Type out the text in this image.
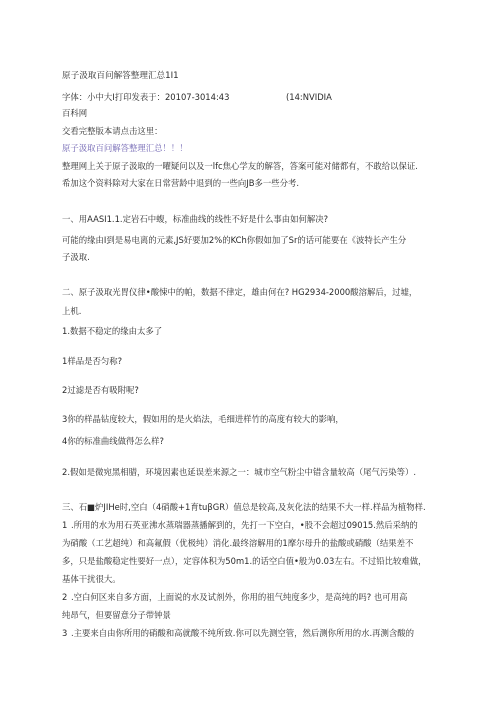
原子汲取百问解答整理汇总1I1
字体：小中大I打印发表于：20107-3014:43	(14:NVIDIA
百科网
交看完整版本请点击这里：
原子汲取百问解答整理汇总！！！
整理网上关于原子汲取的一曜疑问以及一lfc焦心学友的解答，答案可能对储都有，不敢给以保证.
希加这个资料除对大家在日常营龄中退到的一些向JB多一些分考.
一、用AASI1.1.定岩石中蝮，标准曲线的线性不好是什么事由如何解决?
可能的缘由I到是易电离的元素,JS好要加2%的KCh你假如加了Sr的话可能要在《波特长产生分
子汲取.
二、原子汲取光胃仪律•酸悚中的帕，数据不律定，雄由何在? HG2934-2000酸溶解后，过墟，
上机.
1.数据不稳定的缘由太多了
1样品是否匀称?
2过滤是否有吸附呢?
3你的样晶钻度较大，假如用的是火焰法，毛细进样竹的高度有较大的影响，
4你的标准曲线做得怎么样?
2.假如是微宛黑相腊，环境因素也延误差来源之一：城市空气粉尘中错含量较高（尾气污染等）.
三、石■炉JIHe时,空白（4硝酸+1育tuβGR）值总是较高,及灰化法的结果不大一样.样品为植物样.
1 .所用的水为用石英亚沸水蒸瑞器蒸播解到的，先打一下空白，•股不会超过09015.然后采纳的
为硝酸（工艺超纯）和高氟假（优极纯）消化.最终溶解用的1摩尔母升的盐酸或硝酸（结果差不
多，只是盐酸稳定性要好一点），定容体积为50m1.的话空白值•般为0.03左右。不过铅比较难做，
基体干扰很大。
2 .空白何区来自多方面，上面说的水及试剂外，你用的祖气纯度多少，是高纯的吗? 也可用高
纯昂气，但要留意分子带钟景
3 .主要来自由你所用的硝酸和高就酸不纯所致.你可以先测空管，然后测你所用的水.再测含酸的
